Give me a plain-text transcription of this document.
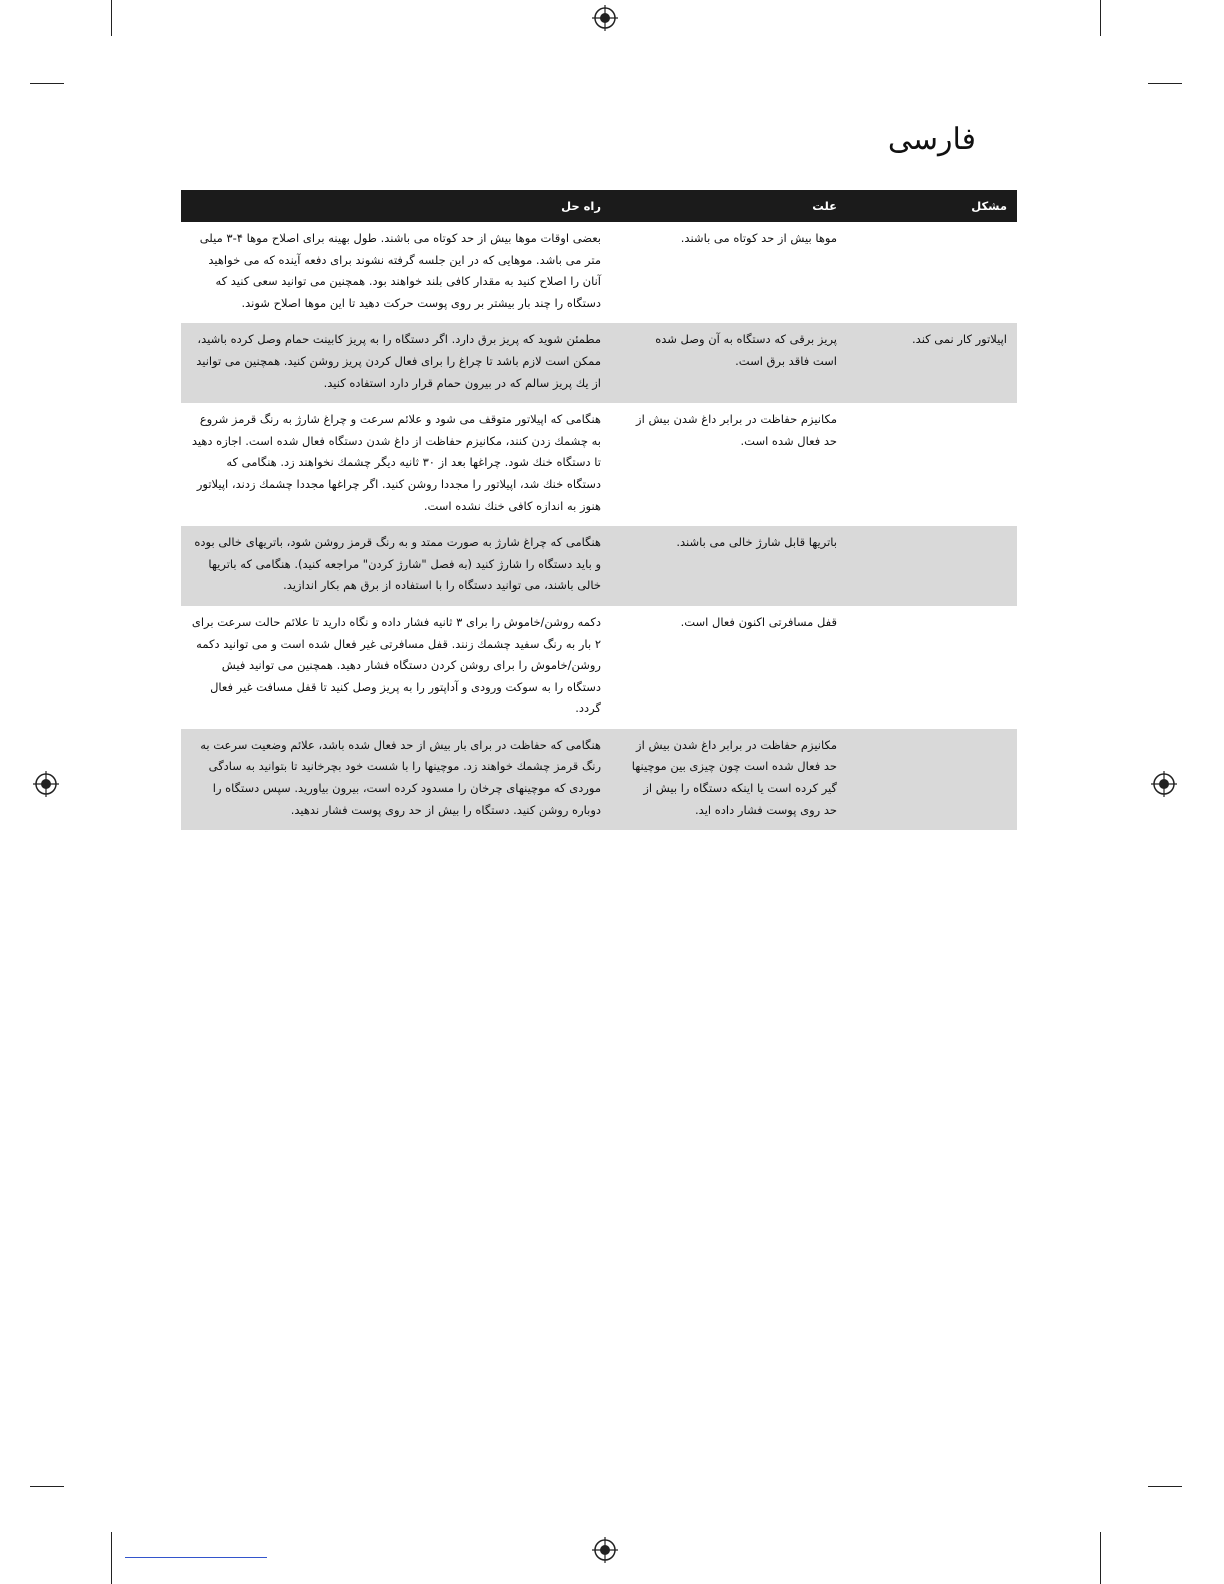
فارسی
مشکل
علت
راه حل
موها بیش از حد کوتاه می باشند.
بعضی اوقات موها بیش از حد کوتاه می باشند. طول بهینه برای اصلاح موها ۴-۳ میلی متر می باشد. موهایی که در این جلسه گرفته نشوند برای دفعه آینده که می خواهید آنان را اصلاح کنید به مقدار کافی بلند خواهند بود. همچنین می توانید سعی کنید که دستگاه را چند بار بیشتر بر روی پوست حرکت دهید تا این موها اصلاح شوند.
اپیلاتور کار نمی کند.
پریز برقی که دستگاه به آن وصل شده است فاقد برق است.
مطمئن شوید که پریز برق دارد. اگر دستگاه را به پریز کابینت حمام وصل کرده باشید، ممکن است لازم باشد تا چراغ را برای فعال کردن پریز روشن کنید. همچنین می توانید از یك پریز سالم که در بیرون حمام قرار دارد استفاده کنید.
مکانیزم حفاظت در برابر داغ شدن بیش از حد فعال شده است.
هنگامی که اپیلاتور متوقف می شود و علائم سرعت و چراغ شارژ به رنگ قرمز شروع به چشمك زدن کنند، مکانیزم حفاظت از داغ شدن دستگاه فعال شده است. اجازه دهید تا دستگاه خنك شود. چراغها بعد از ۳۰ ثانیه دیگر چشمك نخواهند زد. هنگامی که دستگاه خنك شد، اپیلاتور را مجددا روشن کنید. اگر چراغها مجددا چشمك زدند، اپیلاتور هنوز به اندازه کافی خنك نشده است.
باتریها قابل شارژ خالی می باشند.
هنگامی که چراغ شارژ به صورت ممتد و به رنگ قرمز روشن شود، باتریهای خالی بوده و باید دستگاه را شارژ کنید (به فصل "شارژ کردن" مراجعه کنید). هنگامی که باتریها خالی باشند، می توانید دستگاه را با استفاده از برق هم بکار اندازید.
قفل مسافرتی اکنون فعال است.
دکمه روشن/خاموش را برای ۳ ثانیه فشار داده و نگاه دارید تا علائم حالت سرعت برای ۲ بار به رنگ سفید چشمك زنند. قفل مسافرتی غیر فعال شده است و می توانید دکمه روشن/خاموش را برای روشن کردن دستگاه فشار دهید. همچنین می توانید فیش دستگاه را به سوکت ورودی و آداپتور را به پریز وصل کنید تا قفل مسافت غیر فعال گردد.
مکانیزم حفاظت در برابر داغ شدن بیش از حد فعال شده است چون چیزی بین موچینها گیر کرده است یا اینکه دستگاه را بیش از حد روی پوست فشار داده اید.
هنگامی که حفاظت در برای بار بیش از حد فعال شده باشد، علائم وضعیت سرعت به رنگ قرمز چشمك خواهند زد. موچینها را با شست خود بچرخانید تا بتوانید به سادگی موردی که موچینهای چرخان را مسدود کرده است، بیرون بیاورید. سپس دستگاه را دوباره روشن کنید. دستگاه را بیش از حد روی پوست فشار ندهید.
